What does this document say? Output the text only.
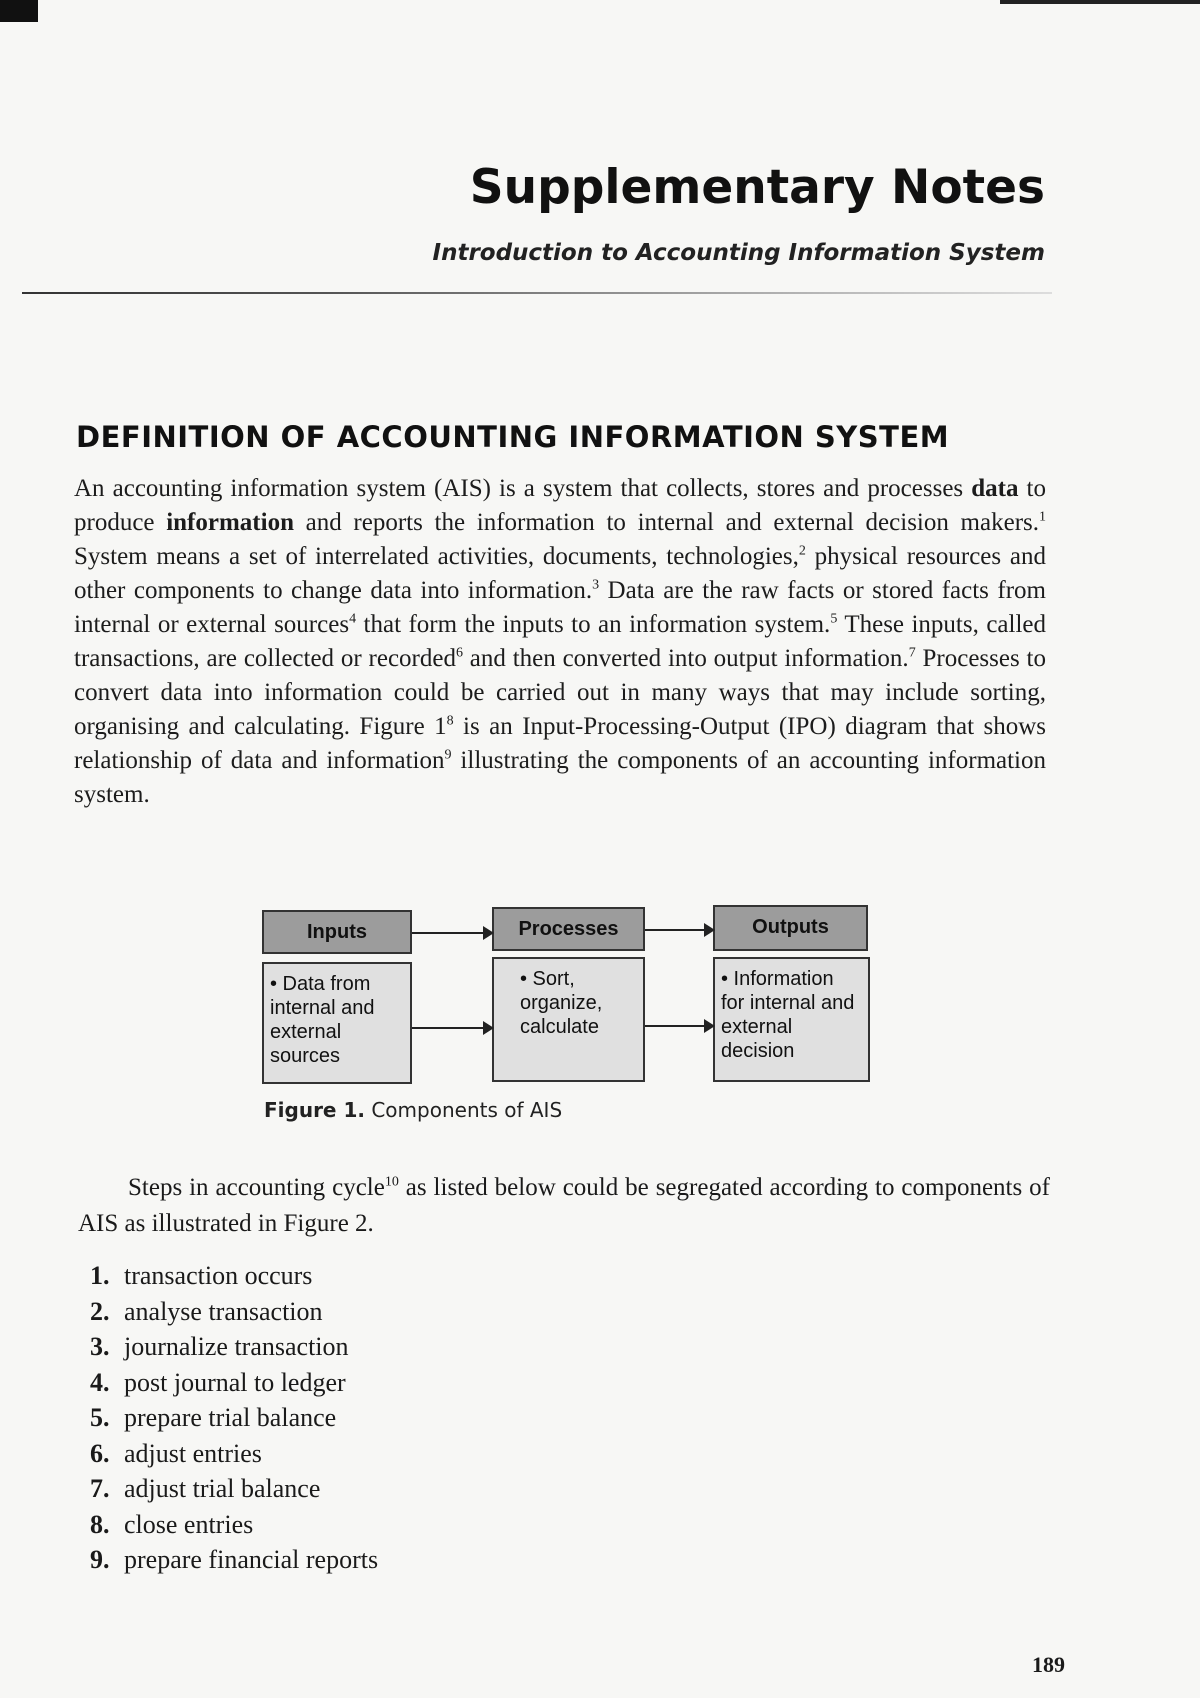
Supplementary Notes
Introduction to Accounting Information System
DEFINITION OF ACCOUNTING INFORMATION SYSTEM
An accounting information system (AIS) is a system that collects, stores and processes data to produce information and reports the information to internal and external decision makers.$^1$ System means a set of interrelated activities, documents, technologies,$^2$ physical resources and other components to change data into information.$^3$ Data are the raw facts or stored facts from internal or external sources$^4$ that form the inputs to an information system.$^5$ These inputs, called transactions, are collected or recorded$^6$ and then converted into output information.$^7$ Processes to convert data into information could be carried out in many ways that may include sorting, organising and calculating. Figure $1^8$ is an Input-Processing-Output (IPO) diagram that shows relationship of data and information$^9$ illustrating the components of an accounting information system.
Inputs
• Data from internal and external sources
Processes
• Sort, organize, calculate
Outputs
• Information for internal and external decision
Figure 1. Components of AIS
Steps in accounting cycle$^{10}$ as listed below could be segregated according to components of AIS as illustrated in Figure 2.
1. transaction occurs
2. analyse transaction
3. journalize transaction
4. post journal to ledger
5. prepare trial balance
6. adjust entries
7. adjust trial balance
8. close entries
9. prepare financial reports
189
